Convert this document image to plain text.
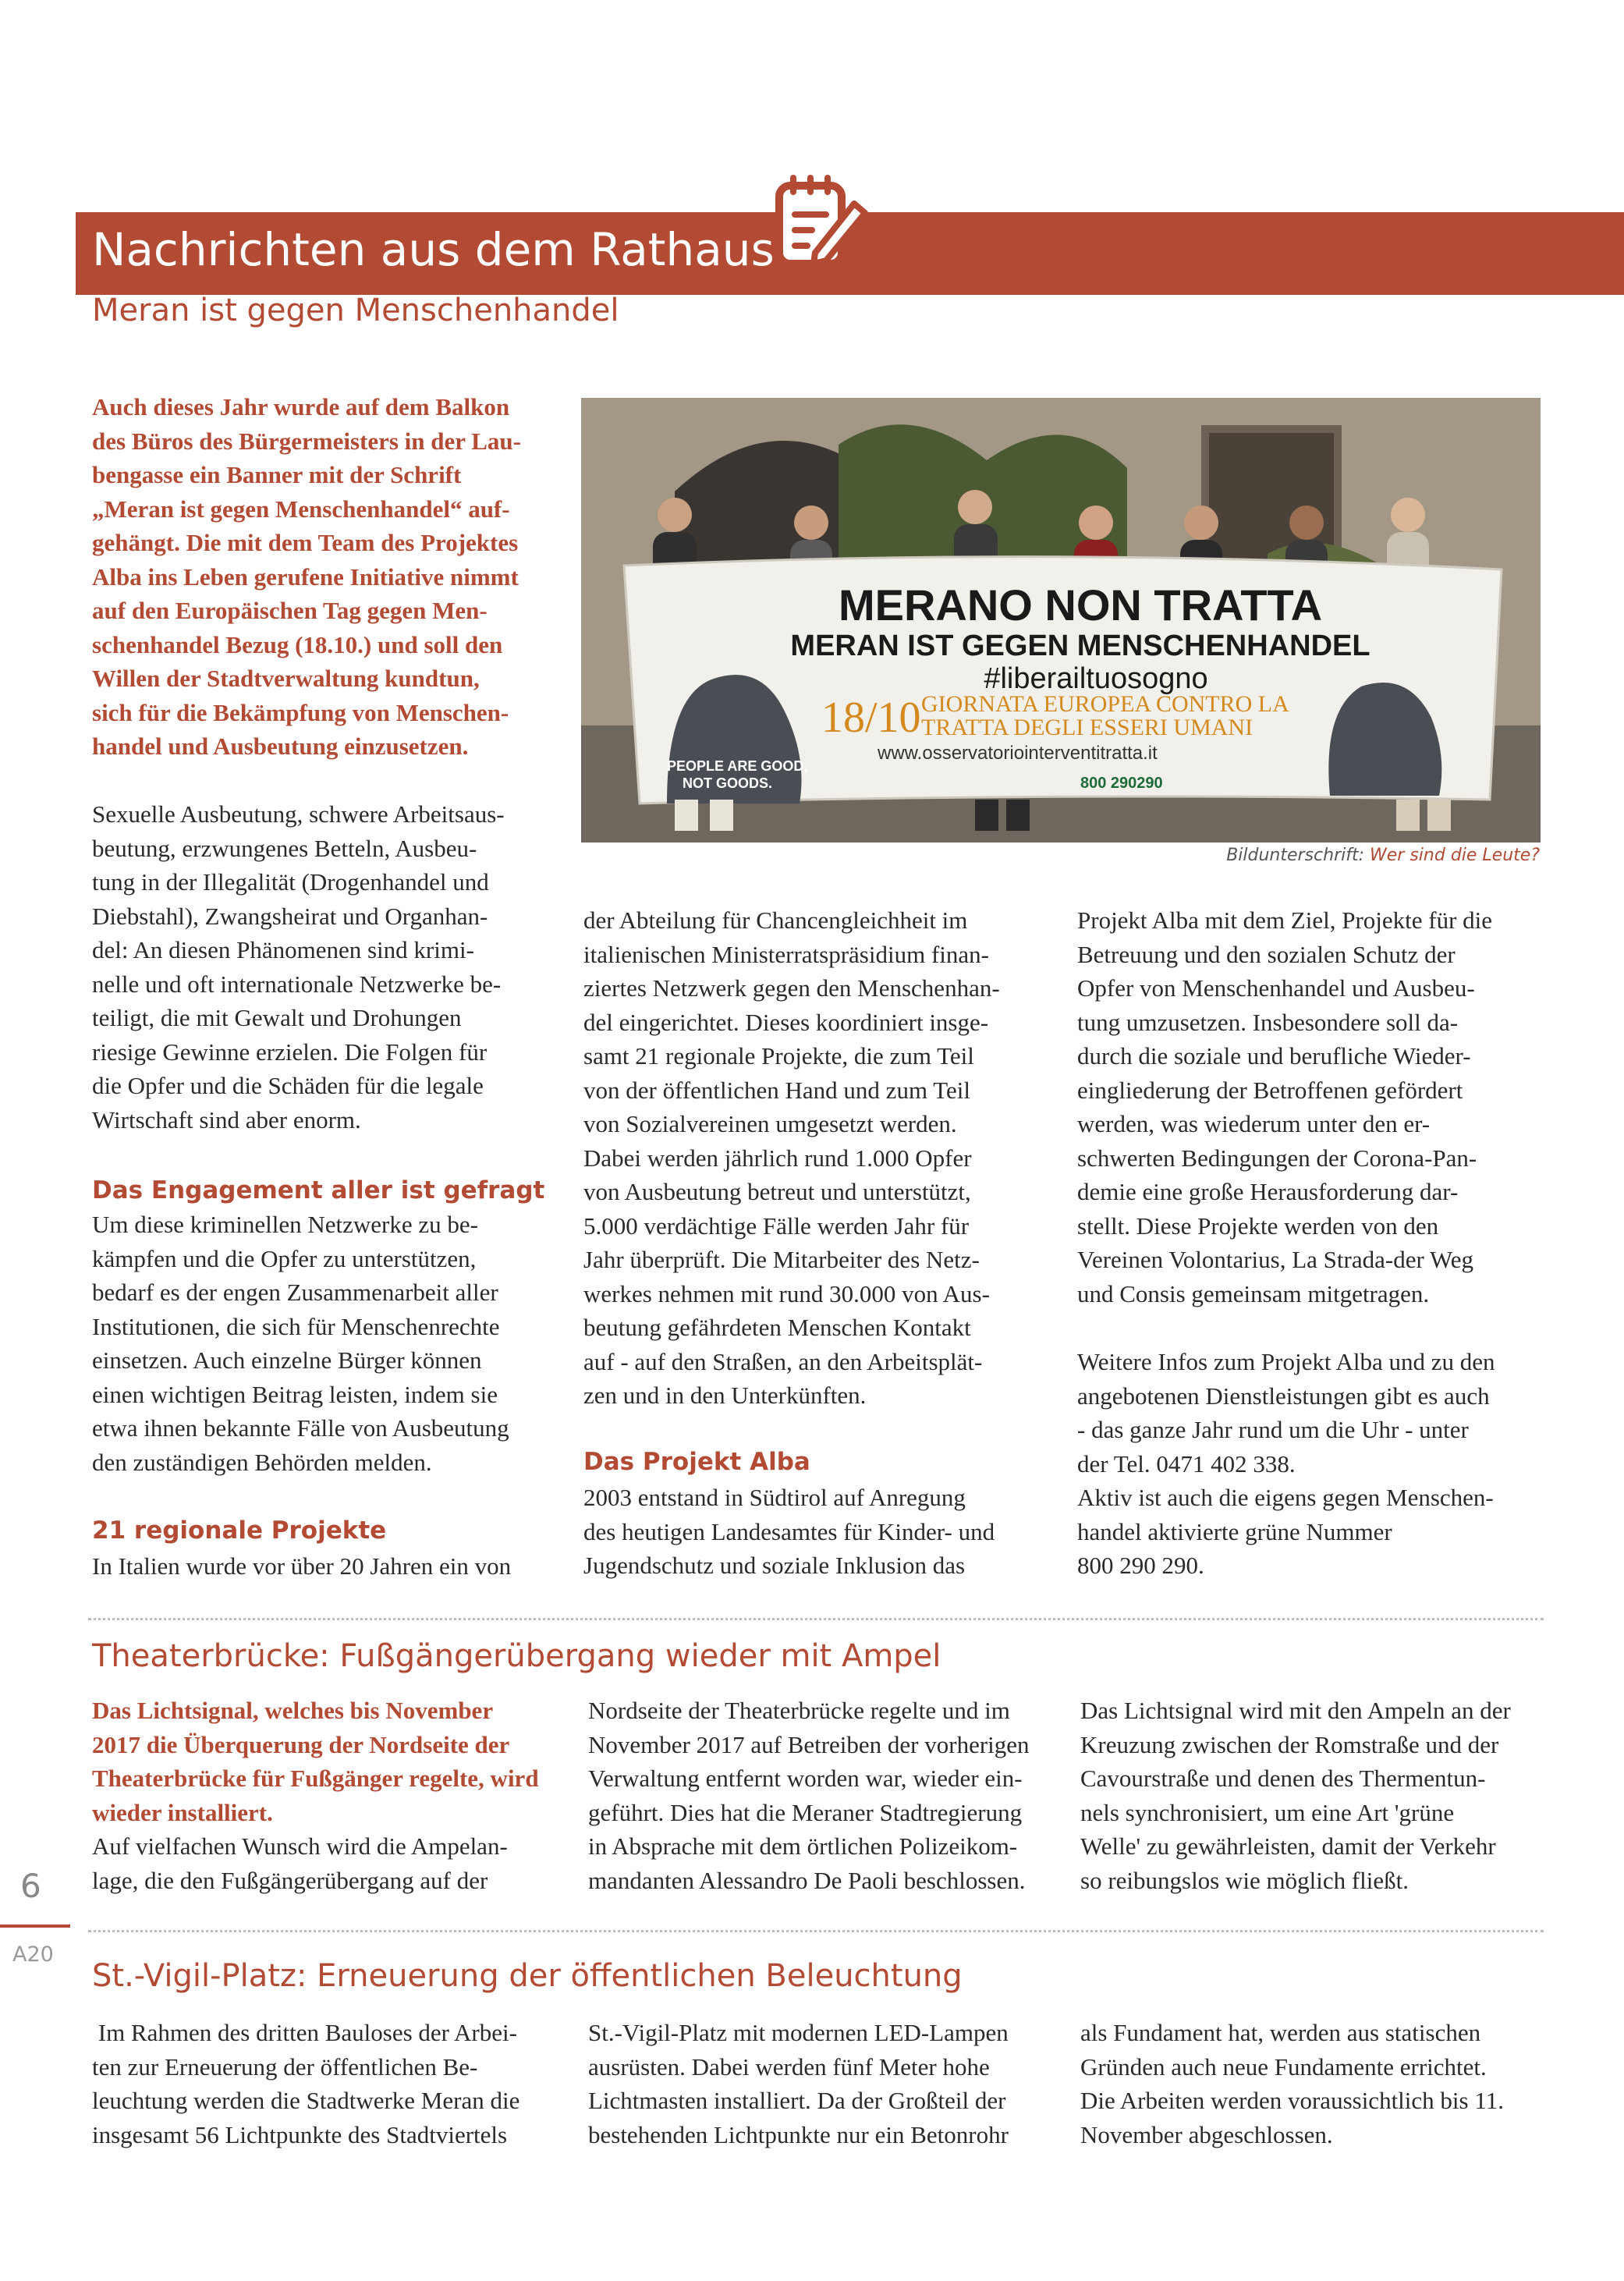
Nachrichten aus dem Rathaus
Meran ist gegen Menschenhandel
Auch dieses Jahr wurde auf dem Balkon
des Büros des Bürgermeisters in der Lau-
bengasse ein Banner mit der Schrift
„Meran ist gegen Menschenhandel“ auf-
gehängt. Die mit dem Team des Projektes
Alba ins Leben gerufene Initiative nimmt
auf den Europäischen Tag gegen Men-
schenhandel Bezug (18.10.) und soll den
Willen der Stadtverwaltung kundtun,
sich für die Bekämpfung von Menschen-
handel und Ausbeutung einzusetzen.
MERANO NON TRATTA
MERAN IST GEGEN MENSCHENHANDEL
#liberailtuosogno
18/10 GIORNATA EUROPEA CONTRO LA
TRATTA DEGLI ESSERI UMANI
www.osservatoriointerventitratta.it
PEOPLE ARE GOOD,
NOT GOODS.	800 290290
Bildunterschrift: Wer sind die Leute?
Sexuelle Ausbeutung, schwere Arbeitsaus-
beutung, erzwungenes Betteln, Ausbeu-
tung in der Illegalität (Drogenhandel und
Diebstahl), Zwangsheirat und Organhan-
del: An diesen Phänomenen sind krimi-
nelle und oft internationale Netzwerke be-
teiligt, die mit Gewalt und Drohungen
riesige Gewinne erzielen. Die Folgen für
die Opfer und die Schäden für die legale
Wirtschaft sind aber enorm.
Das Engagement aller ist gefragt
Um diese kriminellen Netzwerke zu be-
kämpfen und die Opfer zu unterstützen,
bedarf es der engen Zusammenarbeit aller
Institutionen, die sich für Menschenrechte
einsetzen. Auch einzelne Bürger können
einen wichtigen Beitrag leisten, indem sie
etwa ihnen bekannte Fälle von Ausbeutung
den zuständigen Behörden melden.
21 regionale Projekte
In Italien wurde vor über 20 Jahren ein von
der Abteilung für Chancengleichheit im
italienischen Ministerratspräsidium finan-
ziertes Netzwerk gegen den Menschenhan-
del eingerichtet. Dieses koordiniert insge-
samt 21 regionale Projekte, die zum Teil
von der öffentlichen Hand und zum Teil
von Sozialvereinen umgesetzt werden.
Dabei werden jährlich rund 1.000 Opfer
von Ausbeutung betreut und unterstützt,
5.000 verdächtige Fälle werden Jahr für
Jahr überprüft. Die Mitarbeiter des Netz-
werkes nehmen mit rund 30.000 von Aus-
beutung gefährdeten Menschen Kontakt
auf - auf den Straßen, an den Arbeitsplät-
zen und in den Unterkünften.
Das Projekt Alba
2003 entstand in Südtirol auf Anregung
des heutigen Landesamtes für Kinder- und
Jugendschutz und soziale Inklusion das
Projekt Alba mit dem Ziel, Projekte für die
Betreuung und den sozialen Schutz der
Opfer von Menschenhandel und Ausbeu-
tung umzusetzen. Insbesondere soll da-
durch die soziale und berufliche Wieder-
eingliederung der Betroffenen gefördert
werden, was wiederum unter den er-
schwerten Bedingungen der Corona-Pan-
demie eine große Herausforderung dar-
stellt. Diese Projekte werden von den
Vereinen Volontarius, La Strada-der Weg
und Consis gemeinsam mitgetragen.
Weitere Infos zum Projekt Alba und zu den
angebotenen Dienstleistungen gibt es auch
- das ganze Jahr rund um die Uhr - unter
der Tel. 0471 402 338.
Aktiv ist auch die eigens gegen Menschen-
handel aktivierte grüne Nummer
800 290 290.
Theaterbrücke: Fußgängerübergang wieder mit Ampel
Das Lichtsignal, welches bis November
2017 die Überquerung der Nordseite der
Theaterbrücke für Fußgänger regelte, wird
wieder installiert.
Auf vielfachen Wunsch wird die Ampelan-
lage, die den Fußgängerübergang auf der
Nordseite der Theaterbrücke regelte und im
November 2017 auf Betreiben der vorherigen
Verwaltung entfernt worden war, wieder ein-
geführt. Dies hat die Meraner Stadtregierung
in Absprache mit dem örtlichen Polizeikom-
mandanten Alessandro De Paoli beschlossen.
Das Lichtsignal wird mit den Ampeln an der
Kreuzung zwischen der Romstraße und der
Cavourstraße und denen des Thermentun-
nels synchronisiert, um eine Art 'grüne
Welle' zu gewährleisten, damit der Verkehr
so reibungslos wie möglich fließt.
St.-Vigil-Platz: Erneuerung der öffentlichen Beleuchtung
Im Rahmen des dritten Bauloses der Arbei-
ten zur Erneuerung der öffentlichen Be-
leuchtung werden die Stadtwerke Meran die
insgesamt 56 Lichtpunkte des Stadtviertels
St.-Vigil-Platz mit modernen LED-Lampen
ausrüsten. Dabei werden fünf Meter hohe
Lichtmasten installiert. Da der Großteil der
bestehenden Lichtpunkte nur ein Betonrohr
als Fundament hat, werden aus statischen
Gründen auch neue Fundamente errichtet.
Die Arbeiten werden voraussichtlich bis 11.
November abgeschlossen.
6
A20
